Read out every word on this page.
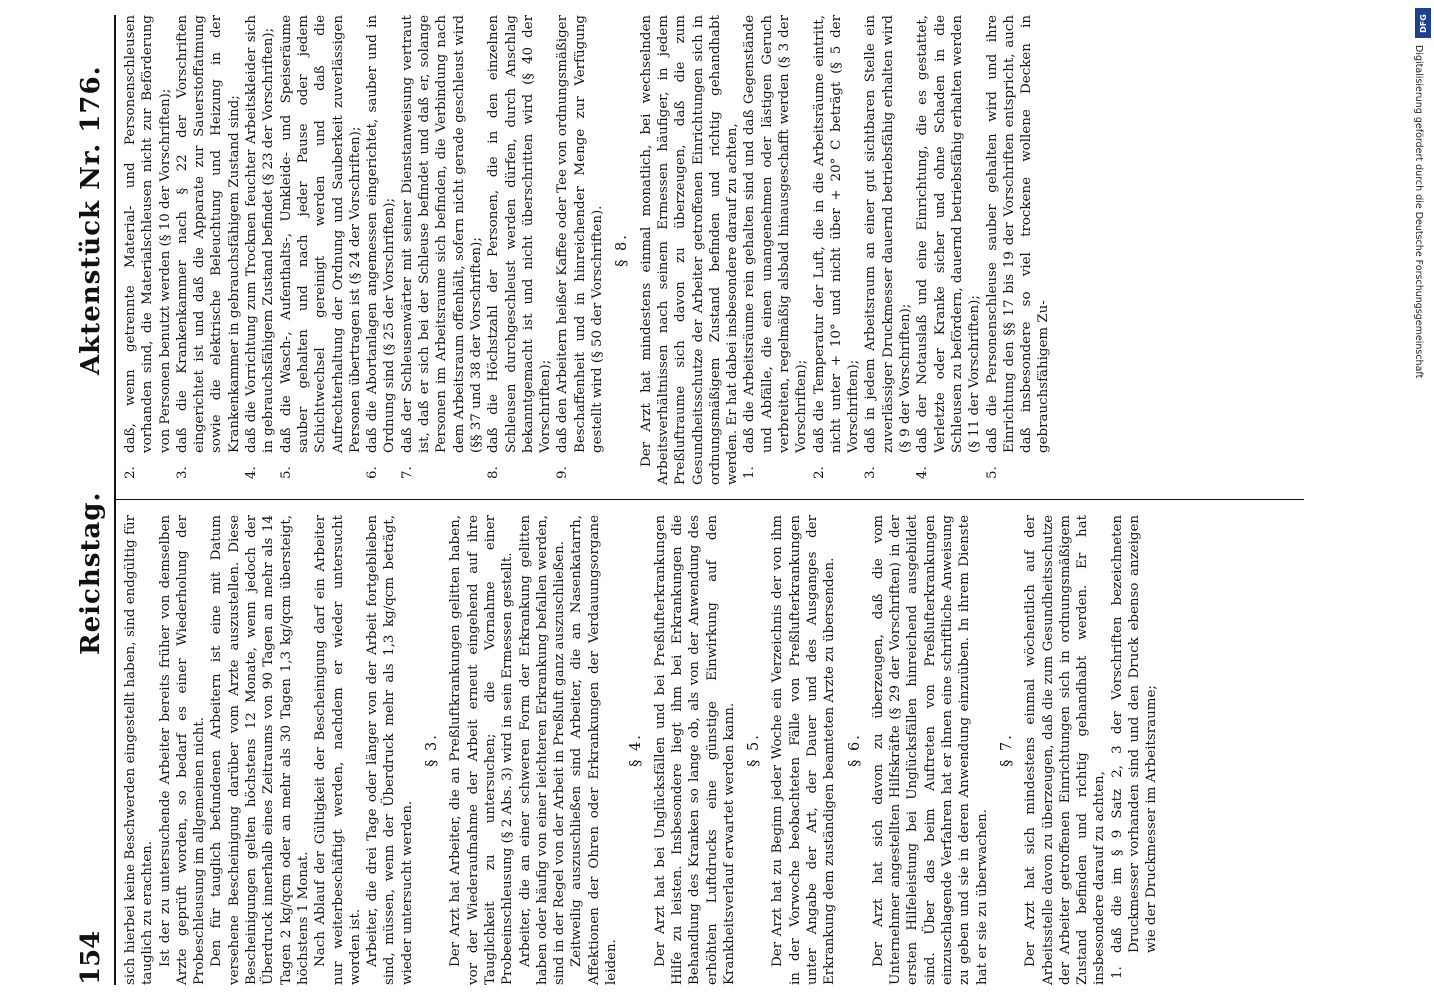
154
Reichstag.
Aktenstück Nr. 176.

sich hierbei keine Beschwerden eingestellt haben, sind endgültig für tauglich zu erachten. Ist der zu untersuchende Arbeiter bereits früher von demselben Arzte geprüft worden, so bedarf es einer Wiederholung der Probeschleusung im allgemeinen nicht. Den für tauglich befundenen Arbeitern ist eine mit Datum versehene Bescheinigung darüber vom Arzte auszustellen. Diese Bescheinigungen gelten höchstens 12 Monate, wenn jedoch der Überdruck innerhalb eines Zeitraums von 90 Tagen an mehr als 14 Tagen 2 kg/qcm oder an mehr als 30 Tagen 1,3 kg/qcm übersteigt, höchstens 1 Monat. Nach Ablauf der Gültigkeit der Bescheinigung darf ein Arbeiter nur weiterbeschäftigt werden, nachdem er wieder untersucht worden ist. Arbeiter, die drei Tage oder länger von der Arbeit fortgeblieben sind, müssen, wenn der Überdruck mehr als 1,3 kg/qcm beträgt, wieder untersucht werden.

§ 3. Der Arzt hat Arbeiter, die an Preßluftkrankungen gelitten haben, vor der Wiederaufnahme der Arbeit erneut eingehend auf ihre Tauglichkeit zu untersuchen; die Vornahme einer Probeeinschleusung (§ 2 Abs. 3) wird in sein Ermessen gestellt. Arbeiter, die an einer schweren Form der Erkrankung gelitten haben oder häufig von einer leichteren Erkrankung befallen werden, sind in der Regel von der Arbeit in Preßluft ganz auszuschließen. Zeitweilig auszuschließen sind Arbeiter, die an Nasenkatarrh, Affektionen der Ohren oder Erkrankungen der Verdauungsorgane leiden.

§ 4. Der Arzt hat bei Unglücksfällen und bei Preßlufterkrankungen Hilfe zu leisten. Insbesondere liegt ihm bei Erkrankungen die Behandlung des Kranken so lange ob, als von der Anwendung des erhöhten Luftdrucks eine günstige Einwirkung auf den Krankheitsverlauf erwartet werden kann. § 5. Der Arzt hat zu Beginn jeder Woche ein Verzeichnis der von ihm in der Vorwoche beobachteten Fälle von Preßlufterkrankungen unter Angabe der Art, der Dauer und des Ausganges der Erkrankung dem zuständigen beamteten Arzte zu übersenden. § 6. Der Arzt hat sich davon zu überzeugen, daß die vom Unternehmer angestellten Hilfskräfte (§ 29 der Vorschriften) in der ersten Hilfeleistung bei Unglücksfällen hinreichend ausgebildet sind. Über das beim Auftreten von Preßlufterkrankungen einzuschlagende Verfahren hat er ihnen eine schriftliche Anweisung zu geben und sie in deren Anwendung einzuüben. In ihrem Dienste hat er sie zu überwachen.

§ 7. Der Arzt hat sich mindestens einmal wöchentlich auf der Arbeitsstelle davon zu überzeugen, daß die zum Gesundheitsschutze der Arbeiter getroffenen Einrichtungen sich in ordnungsmäßigem Zustand befinden und richtig gehandhabt werden. Er hat insbesondere darauf zu achten, 1.
daß die im § 9 Satz 2, 3 der Vorschriften bezeichneten Druckmesser vorhanden sind und den Druck ebenso anzeigen wie der Druckmesser im Arbeitsraume;
2.
daß, wenn getrennte Material- und Personenschleusen vorhanden sind, die Materialschleusen nicht zur Beförderung von Personen benutzt werden (§ 10 der Vorschriften);
3.
daß die Krankenkammer nach § 22 der Vorschriften eingerichtet ist und daß die Apparate zur Sauerstoffatmung sowie die elektrische Beleuchtung und Heizung in der Krankenkammer in gebrauchsfähigem Zustand sind;
4.
daß die Vorrichtung zum Trocknen feuchter Arbeitskleider sich in gebrauchsfähigem Zustand befindet (§ 23 der Vorschriften);
5.
daß die Wasch-, Aufenthalts-, Umkleide- und Speiseräume sauber gehalten und nach jeder Pause oder jedem Schichtwechsel gereinigt werden und daß die Aufrechterhaltung der Ordnung und Sauberkeit zuverlässigen Personen übertragen ist (§ 24 der Vorschriften);
6.
daß die Abortanlagen angemessen eingerichtet, sauber und in Ordnung sind (§ 25 der Vorschriften);
7.
daß der Schleusenwärter mit seiner Dienstanweisung vertraut ist, daß er sich bei der Schleuse befindet und daß er, solange Personen im Arbeitsraume sich befinden, die Verbindung nach dem Arbeitsraum offenhält, sofern nicht gerade geschleust wird (§§ 37 und 38 der Vorschriften);
8.
daß die Höchstzahl der Personen, die in den einzelnen Schleusen durchgeschleust werden dürfen, durch Anschlag bekanntgemacht ist und nicht überschritten wird (§ 40 der Vorschriften);
9.
daß den Arbeitern heißer Kaffee oder Tee von ordnungsmäßiger Beschaffenheit und in hinreichender Menge zur Verfügung gestellt wird (§ 50 der Vorschriften). § 8. Der Arzt hat mindestens einmal monatlich, bei wechselnden Arbeitsverhältnissen nach seinem Ermessen häufiger, in jedem Preßluftraume sich davon zu überzeugen, daß die zum Gesundheitsschutze der Arbeiter getroffenen Einrichtungen sich in ordnungsmäßigem Zustand befinden und richtig gehandhabt werden. Er hat dabei insbesondere darauf zu achten, 1.
daß die Arbeitsräume rein gehalten sind und daß Gegenstände und Abfälle, die einen unangenehmen oder lästigen Geruch verbreiten, regelmäßig alsbald hinausgeschafft werden (§ 3 der Vorschriften);
2.
daß die Temperatur der Luft, die in die Arbeitsräume eintritt, nicht unter + 10° und nicht über + 20° C beträgt (§ 5 der Vorschriften);
3.
daß in jedem Arbeitsraum an einer gut sichtbaren Stelle ein zuverlässiger Druckmesser dauernd betriebsfähig erhalten wird (§ 9 der Vorschriften);
4.
daß der Notauslaß und eine Einrichtung, die es gestattet, Verletzte oder Kranke sicher und ohne Schaden in die Schleusen zu befördern, dauernd betriebsfähig erhalten werden (§ 11 der Vorschriften);
5.
daß die Personenschleuse sauber gehalten wird und ihre Einrichtung den §§ 17 bis 19 der Vorschriften entspricht, auch daß insbesondere so viel trockene wollene Decken in gebrauchsfähigem Zu-
DFG
Digitalisierung gefördert durch die Deutsche Forschungsgemeinschaft
